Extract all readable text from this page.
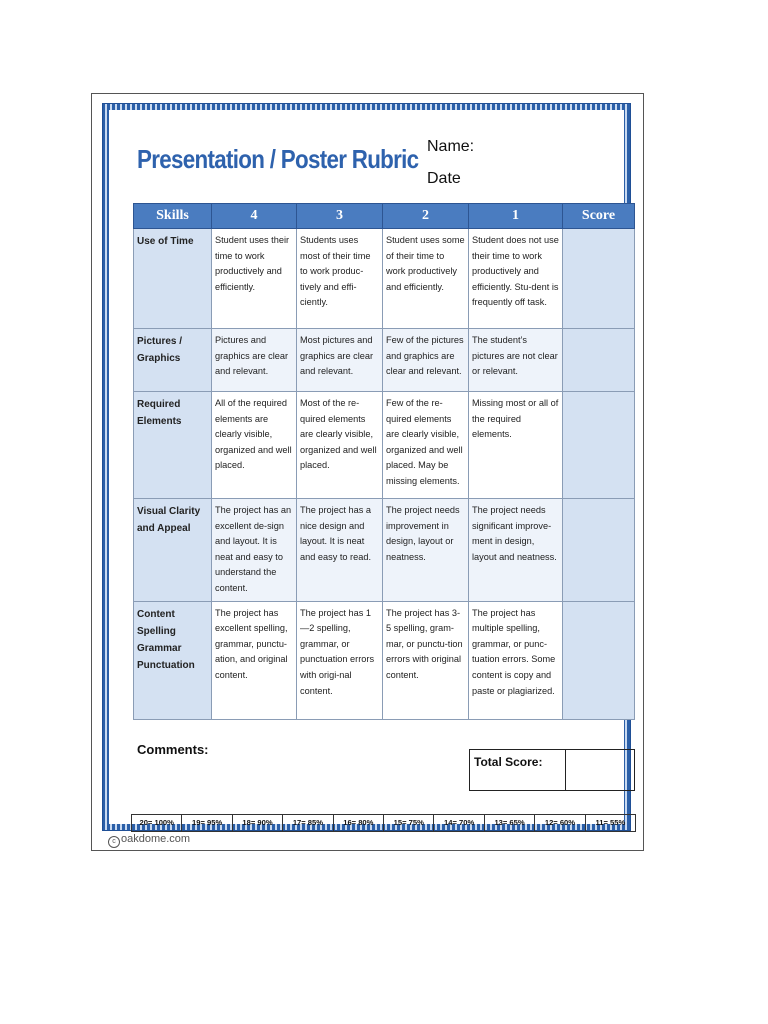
Presentation / Poster Rubric Name:
Date
Skills	4	3	2	1	Score
Use of Time	Student uses their time to work productively and efficiently.	Students uses most of their time to work produc-tively and effi-ciently.	Student uses some of their time to work productively and efficiently.	Student does not use their time to work productively and efficiently. Stu-dent is frequently off task.	
Pictures / Graphics	Pictures and graphics are clear and relevant.	Most pictures and graphics are clear and relevant.	Few of the pictures and graphics are clear and relevant.	The student’s pictures are not clear or relevant.	
Required Elements	All of the required elements are clearly visible, organized and well placed.	Most of the re-quired elements are clearly visible, organized and well placed.	Few of the re-quired elements are clearly visible, organized and well placed. May be missing elements.	Missing most or all of the required elements.	
Visual Clarity and Appeal	The project has an excellent de-sign and layout. It is neat and easy to understand the content.	The project has a nice design and layout. It is neat and easy to read.	The project needs improvement in design, layout or neatness.	The project needs significant improve-ment in design, layout and neatness.	
Content Spelling Grammar Punctuation	The project has excellent spelling, grammar, punctu-ation, and original content.	The project has 1—2 spelling, grammar, or punctuation errors with origi-nal content.	The project has 3-5 spelling, gram-mar, or punctu-tion errors with original content.	The project has multiple spelling, grammar, or punc-tuation errors. Some content is copy and paste or plagiarized.	
Comments:
Total Score:
20= 100%	19= 95%	18= 90%	17= 85%	16= 80%	15= 75%	14= 70%	13= 65%	12= 60%	11= 55%
c oakdome.com
